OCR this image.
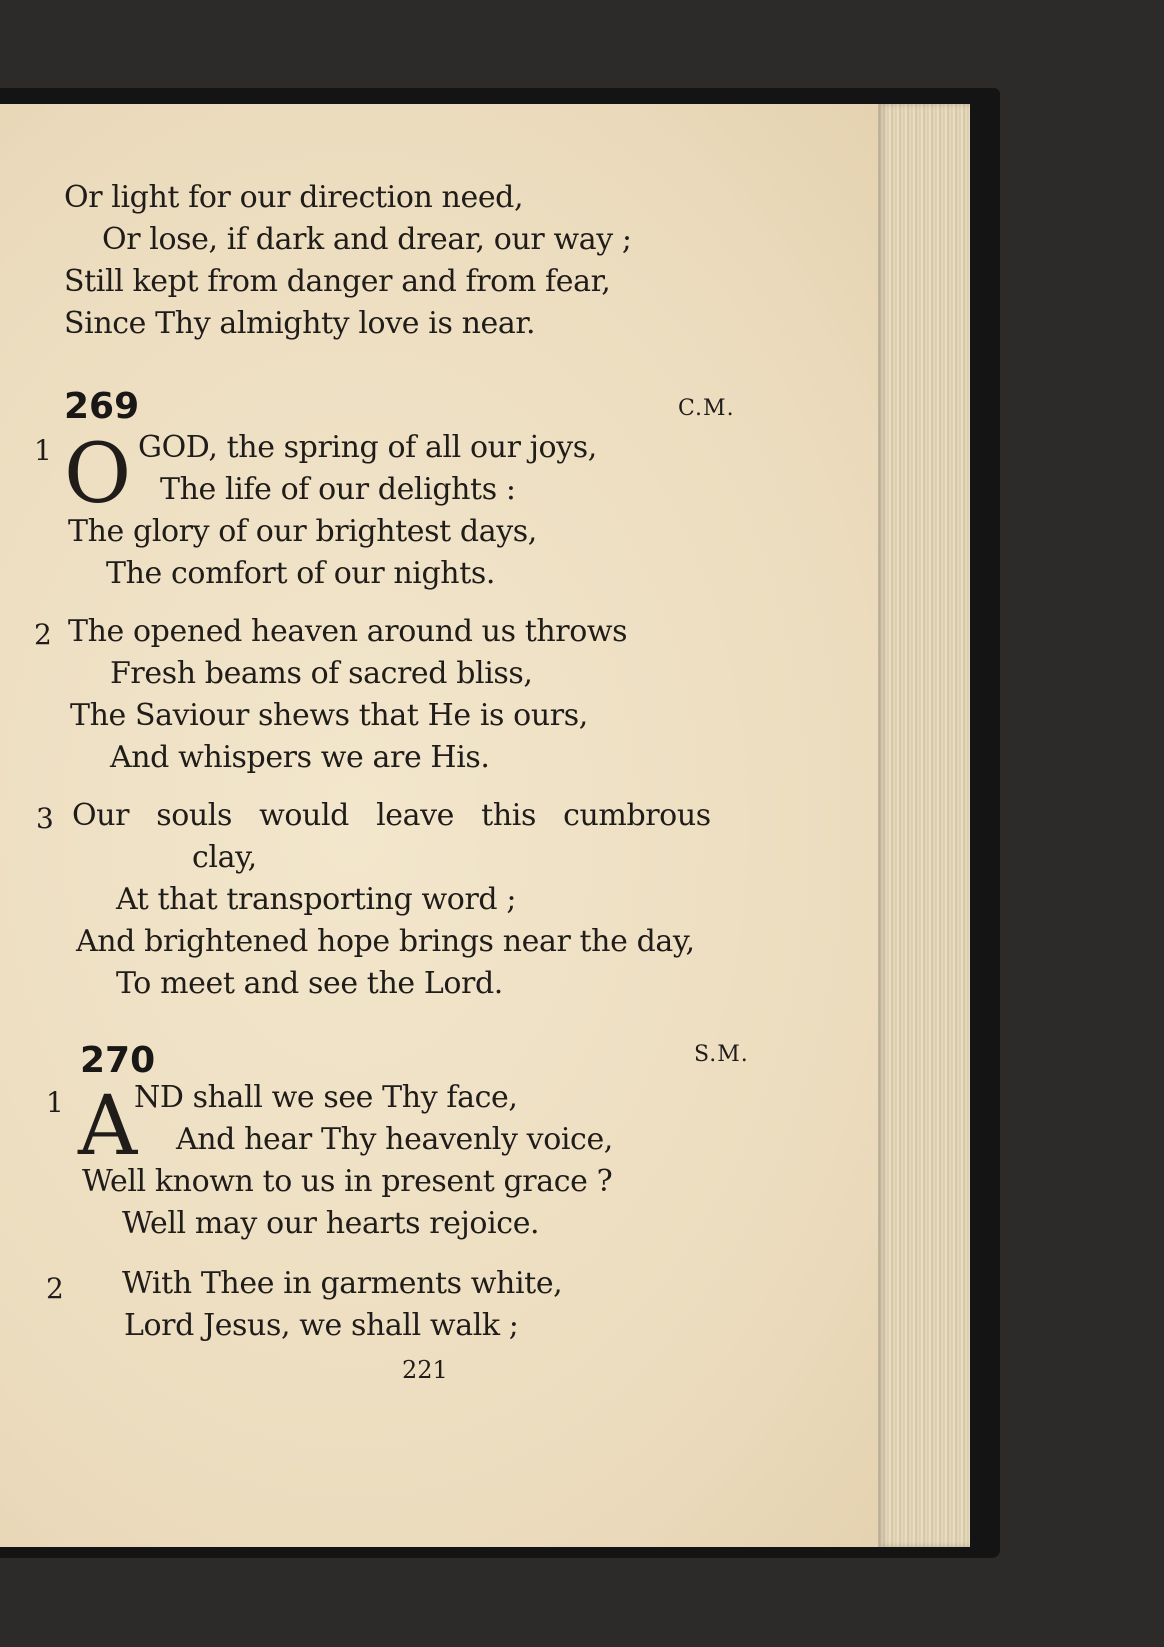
Or light for our direction need,
Or lose, if dark and drear, our way ;
Still kept from danger and from fear,
Since Thy almighty love is near.
269	C.M.
1 O GOD, the spring of all our joys,
The life of our delights :
The glory of our brightest days,
The comfort of our nights.
2 The opened heaven around us throws
Fresh beams of sacred bliss,
The Saviour shews that He is ours,
And whispers we are His.
3 Our souls would leave this cumbrous
clay,
At that transporting word ;
And brightened hope brings near the day,
To meet and see the Lord.
270	S.M.
1 A
ND shall we see Thy face,
And hear Thy heavenly voice,
Well known to us in present grace ?
Well may our hearts rejoice.
2 With Thee in garments white,
Lord Jesus, we shall walk ;
221
